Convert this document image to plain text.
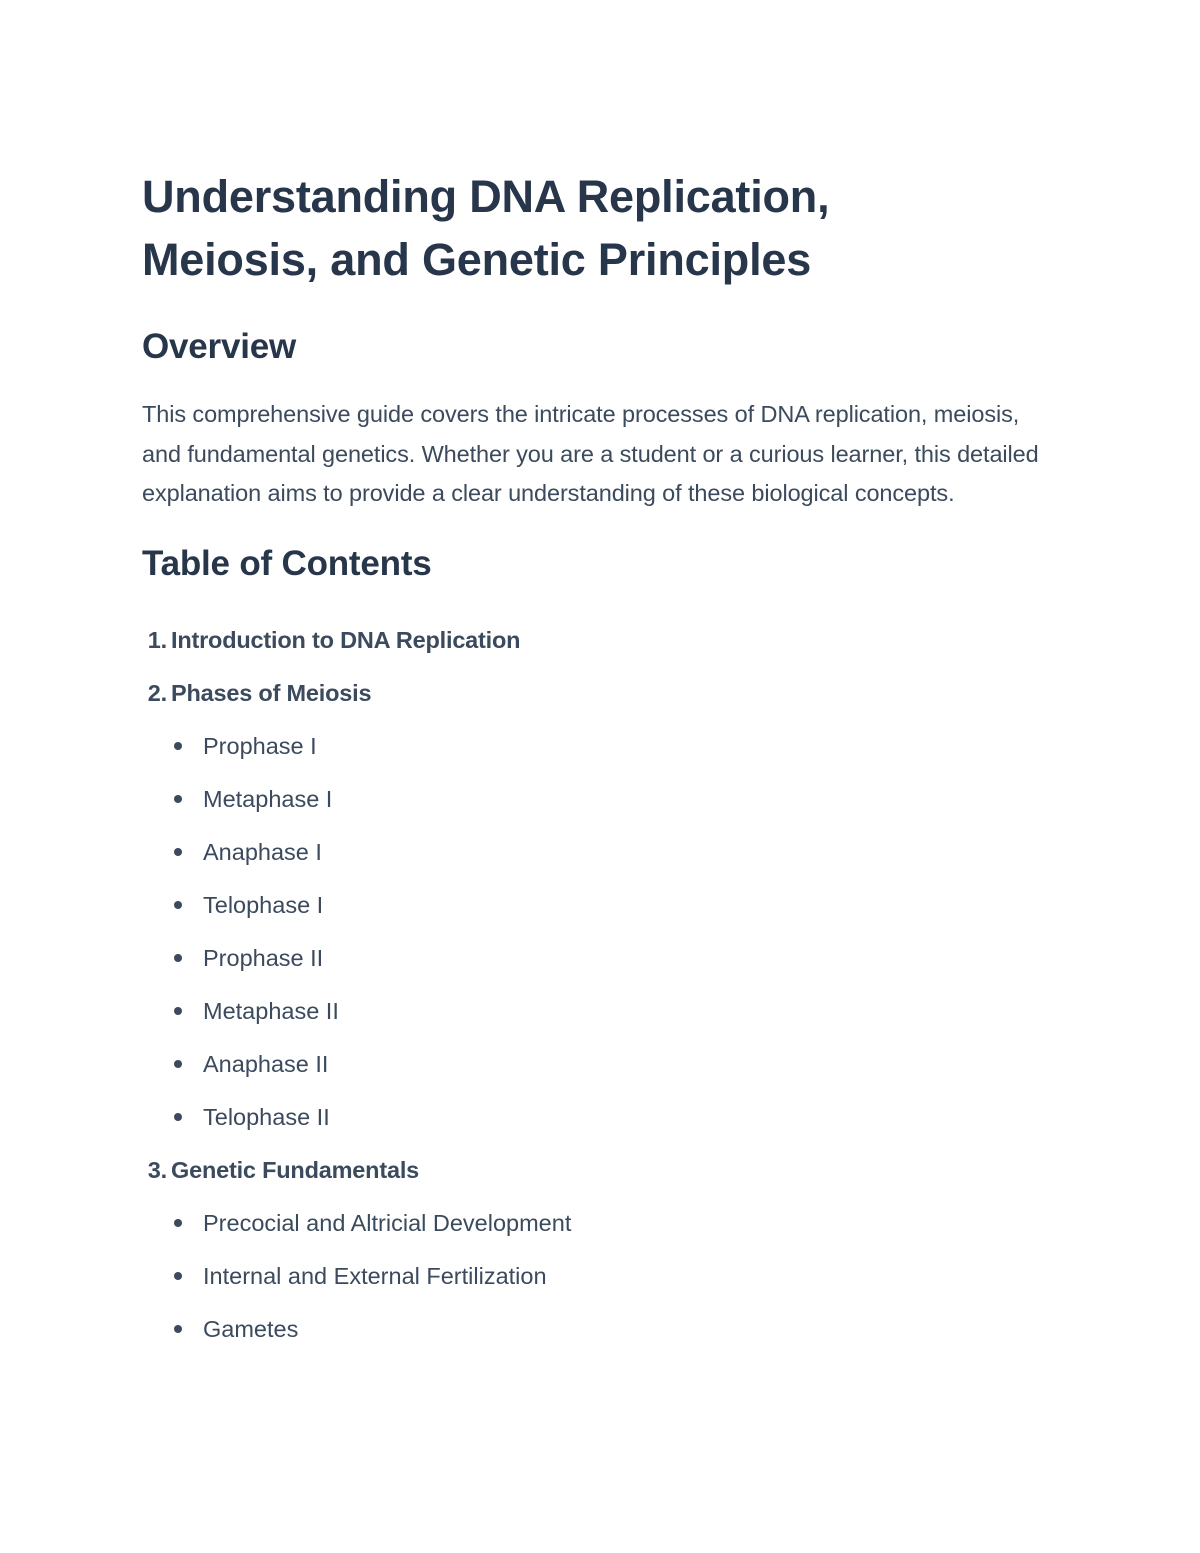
Understanding DNA Replication,
Meiosis, and Genetic Principles
Overview

This comprehensive guide covers the intricate processes of DNA replication, meiosis, and fundamental genetics. Whether you are a student or a curious learner, this detailed explanation aims to provide a clear understanding of these biological concepts.

Table of Contents
1. Introduction to DNA Replication
2. Phases of Meiosis
Prophase I
Metaphase I
Anaphase I
Telophase I
Prophase II
Metaphase II
Anaphase II
Telophase II
3. Genetic Fundamentals
Precocial and Altricial Development
Internal and External Fertilization
Gametes
